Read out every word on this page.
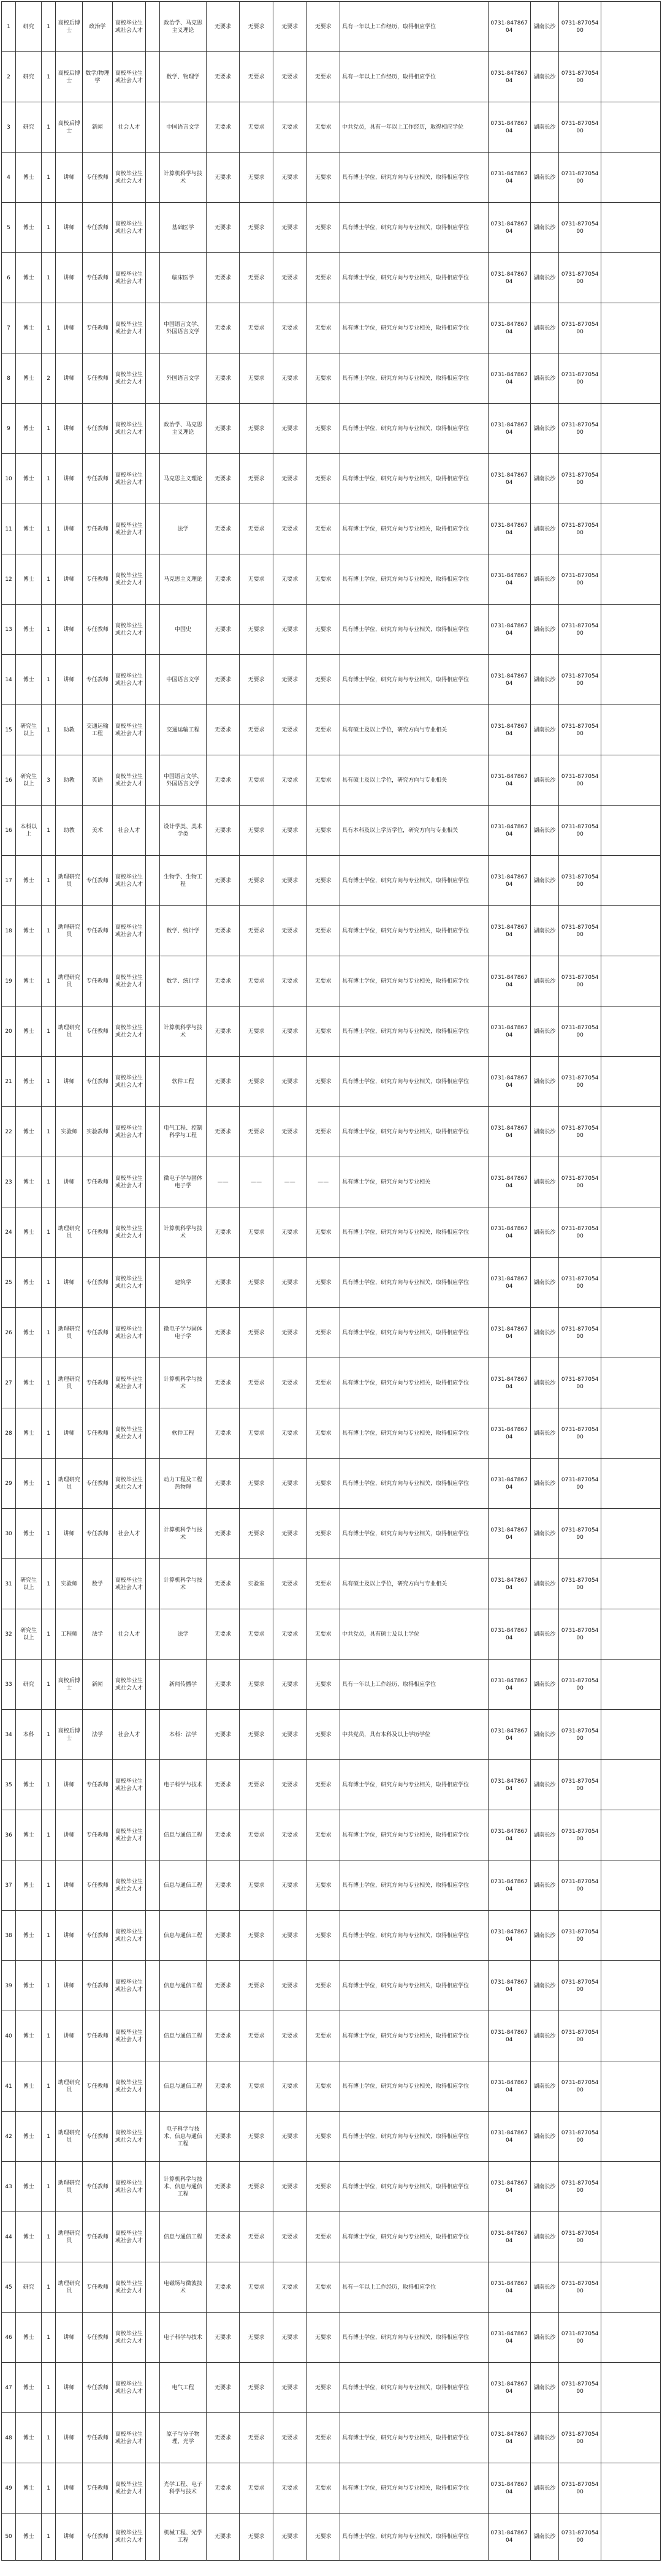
1	研究	1	高校后博士	政治学	高校毕业生或社会人才		政治学、马克思主义理论	无要求	无要求	无要求	无要求	具有一年以上工作经历，取得相应学位	0731-84786704	湖南长沙	0731-87705400	
2	研究	1	高校后博士	数学/物理学	高校毕业生或社会人才		数学、物理学	无要求	无要求	无要求	无要求	具有一年以上工作经历，取得相应学位	0731-84786704	湖南长沙	0731-87705400	
3	研究	1	高校后博士	新闻	社会人才		中国语言文学	无要求	无要求	无要求	无要求	中共党员，具有一年以上工作经历，取得相应学位	0731-84786704	湖南长沙	0731-87705400	
4	博士	1	讲师	专任教师	高校毕业生或社会人才		计算机科学与技术	无要求	无要求	无要求	无要求	具有博士学位，研究方向与专业相关，取得相应学位	0731-84786704	湖南长沙	0731-87705400	
5	博士	1	讲师	专任教师	高校毕业生或社会人才		基础医学	无要求	无要求	无要求	无要求	具有博士学位，研究方向与专业相关，取得相应学位	0731-84786704	湖南长沙	0731-87705400	
6	博士	1	讲师	专任教师	高校毕业生或社会人才		临床医学	无要求	无要求	无要求	无要求	具有博士学位，研究方向与专业相关，取得相应学位	0731-84786704	湖南长沙	0731-87705400	
7	博士	1	讲师	专任教师	高校毕业生或社会人才		中国语言文学、外国语言文学	无要求	无要求	无要求	无要求	具有博士学位，研究方向与专业相关，取得相应学位	0731-84786704	湖南长沙	0731-87705400	
8	博士	2	讲师	专任教师	高校毕业生或社会人才		外国语言文学	无要求	无要求	无要求	无要求	具有博士学位，研究方向与专业相关，取得相应学位	0731-84786704	湖南长沙	0731-87705400	
9	博士	1	讲师	专任教师	高校毕业生或社会人才		政治学、马克思主义理论	无要求	无要求	无要求	无要求	具有博士学位，研究方向与专业相关，取得相应学位	0731-84786704	湖南长沙	0731-87705400	
10	博士	1	讲师	专任教师	高校毕业生或社会人才		马克思主义理论	无要求	无要求	无要求	无要求	具有博士学位，研究方向与专业相关，取得相应学位	0731-84786704	湖南长沙	0731-87705400	
11	博士	1	讲师	专任教师	高校毕业生或社会人才		法学	无要求	无要求	无要求	无要求	具有博士学位，研究方向与专业相关，取得相应学位	0731-84786704	湖南长沙	0731-87705400	
12	博士	1	讲师	专任教师	高校毕业生或社会人才		马克思主义理论	无要求	无要求	无要求	无要求	具有博士学位，研究方向与专业相关，取得相应学位	0731-84786704	湖南长沙	0731-87705400	
13	博士	1	讲师	专任教师	高校毕业生或社会人才		中国史	无要求	无要求	无要求	无要求	具有博士学位，研究方向与专业相关，取得相应学位	0731-84786704	湖南长沙	0731-87705400	
14	博士	1	讲师	专任教师	高校毕业生或社会人才		中国语言文学	无要求	无要求	无要求	无要求	具有博士学位，研究方向与专业相关，取得相应学位	0731-84786704	湖南长沙	0731-87705400	
15	研究生以上	1	助教	交通运输工程	高校毕业生或社会人才		交通运输工程	无要求	无要求	无要求	无要求	具有硕士及以上学位，研究方向与专业相关	0731-84786704	湖南长沙	0731-87705400	
16	研究生以上	3	助教	英语	高校毕业生或社会人才		中国语言文学、外国语言文学	无要求	无要求	无要求	无要求	具有硕士及以上学位，研究方向与专业相关	0731-84786704	湖南长沙	0731-87705400	
16	本科以上	1	助教	美术	社会人才		设计学类、美术学类	无要求	无要求	无要求	无要求	具有本科及以上学历学位，研究方向与专业相关	0731-84786704	湖南长沙	0731-87705400	
17	博士	1	助理研究员	专任教师	高校毕业生或社会人才		生物学、生物工程	无要求	无要求	无要求	无要求	具有博士学位，研究方向与专业相关，取得相应学位	0731-84786704	湖南长沙	0731-87705400	
18	博士	1	助理研究员	专任教师	高校毕业生或社会人才		数学、统计学	无要求	无要求	无要求	无要求	具有博士学位，研究方向与专业相关，取得相应学位	0731-84786704	湖南长沙	0731-87705400	
19	博士	1	助理研究员	专任教师	高校毕业生或社会人才		数学、统计学	无要求	无要求	无要求	无要求	具有博士学位，研究方向与专业相关，取得相应学位	0731-84786704	湖南长沙	0731-87705400	
20	博士	1	助理研究员	专任教师	高校毕业生或社会人才		计算机科学与技术	无要求	无要求	无要求	无要求	具有博士学位，研究方向与专业相关，取得相应学位	0731-84786704	湖南长沙	0731-87705400	
21	博士	1	讲师	专任教师	高校毕业生或社会人才		软件工程	无要求	无要求	无要求	无要求	具有博士学位，研究方向与专业相关，取得相应学位	0731-84786704	湖南长沙	0731-87705400	
22	博士	1	实验师	实验教师	高校毕业生或社会人才		电气工程、控制科学与工程	无要求	无要求	无要求	无要求	具有博士学位，研究方向与专业相关，取得相应学位	0731-84786704	湖南长沙	0731-87705400	
23	博士	1	讲师	专任教师	高校毕业生或社会人才		微电子学与固体电子学	——	——	——	——	具有博士学位，研究方向与专业相关	0731-84786704	湖南长沙	0731-87705400	
24	博士	1	助理研究员	专任教师	高校毕业生或社会人才		计算机科学与技术	无要求	无要求	无要求	无要求	具有博士学位，研究方向与专业相关，取得相应学位	0731-84786704	湖南长沙	0731-87705400	
25	博士	1	讲师	专任教师	高校毕业生或社会人才		建筑学	无要求	无要求	无要求	无要求	具有博士学位，研究方向与专业相关，取得相应学位	0731-84786704	湖南长沙	0731-87705400	
26	博士	1	助理研究员	专任教师	高校毕业生或社会人才		微电子学与固体电子学	无要求	无要求	无要求	无要求	具有博士学位，研究方向与专业相关，取得相应学位	0731-84786704	湖南长沙	0731-87705400	
27	博士	1	助理研究员	专任教师	高校毕业生或社会人才		计算机科学与技术	无要求	无要求	无要求	无要求	具有博士学位，研究方向与专业相关，取得相应学位	0731-84786704	湖南长沙	0731-87705400	
28	博士	1	讲师	专任教师	高校毕业生或社会人才		软件工程	无要求	无要求	无要求	无要求	具有博士学位，研究方向与专业相关，取得相应学位	0731-84786704	湖南长沙	0731-87705400	
29	博士	1	助理研究员	专任教师	高校毕业生或社会人才		动力工程及工程热物理	无要求	无要求	无要求	无要求	具有博士学位，研究方向与专业相关，取得相应学位	0731-84786704	湖南长沙	0731-87705400	
30	博士	1	讲师	专任教师	社会人才		计算机科学与技术	无要求	无要求	无要求	无要求	具有博士学位，研究方向与专业相关，取得相应学位	0731-84786704	湖南长沙	0731-87705400	
31	研究生以上	1	实验师	数学	高校毕业生或社会人才		计算机科学与技术	无要求	实验室	无要求	无要求	具有硕士及以上学位，研究方向与专业相关	0731-84786704	湖南长沙	0731-87705400	
32	研究生以上	1	工程师	法学	社会人才		法学	无要求	无要求	无要求	无要求	中共党员，具有硕士及以上学位	0731-84786704	湖南长沙	0731-87705400	
33	研究	1	高校后博士	新闻	高校毕业生或社会人才		新闻传播学	无要求	无要求	无要求	无要求	具有一年以上工作经历，取得相应学位	0731-84786704	湖南长沙	0731-87705400	
34	本科	1	高校后博士	法学	社会人才		本科：法学	无要求	无要求	无要求	无要求	中共党员，具有本科及以上学历学位	0731-84786704	湖南长沙	0731-87705400	
35	博士	1	讲师	专任教师	高校毕业生或社会人才		电子科学与技术	无要求	无要求	无要求	无要求	具有博士学位，研究方向与专业相关，取得相应学位	0731-84786704	湖南长沙	0731-87705400	
36	博士	1	讲师	专任教师	高校毕业生或社会人才		信息与通信工程	无要求	无要求	无要求	无要求	具有博士学位，研究方向与专业相关，取得相应学位	0731-84786704	湖南长沙	0731-87705400	
37	博士	1	讲师	专任教师	高校毕业生或社会人才		信息与通信工程	无要求	无要求	无要求	无要求	具有博士学位，研究方向与专业相关，取得相应学位	0731-84786704	湖南长沙	0731-87705400	
38	博士	1	讲师	专任教师	高校毕业生或社会人才		信息与通信工程	无要求	无要求	无要求	无要求	具有博士学位，研究方向与专业相关，取得相应学位	0731-84786704	湖南长沙	0731-87705400	
39	博士	1	讲师	专任教师	高校毕业生或社会人才		信息与通信工程	无要求	无要求	无要求	无要求	具有博士学位，研究方向与专业相关，取得相应学位	0731-84786704	湖南长沙	0731-87705400	
40	博士	1	讲师	专任教师	高校毕业生或社会人才		信息与通信工程	无要求	无要求	无要求	无要求	具有博士学位，研究方向与专业相关，取得相应学位	0731-84786704	湖南长沙	0731-87705400	
41	博士	1	助理研究员	专任教师	高校毕业生或社会人才		信息与通信工程	无要求	无要求	无要求	无要求	具有博士学位，研究方向与专业相关，取得相应学位	0731-84786704	湖南长沙	0731-87705400	
42	博士	1	助理研究员	专任教师	高校毕业生或社会人才		电子科学与技术、信息与通信工程	无要求	无要求	无要求	无要求	具有博士学位，研究方向与专业相关，取得相应学位	0731-84786704	湖南长沙	0731-87705400	
43	博士	1	助理研究员	专任教师	高校毕业生或社会人才		计算机科学与技术、信息与通信工程	无要求	无要求	无要求	无要求	具有博士学位，研究方向与专业相关，取得相应学位	0731-84786704	湖南长沙	0731-87705400	
44	博士	1	助理研究员	专任教师	高校毕业生或社会人才		信息与通信工程	无要求	无要求	无要求	无要求	具有博士学位，研究方向与专业相关，取得相应学位	0731-84786704	湖南长沙	0731-87705400	
45	研究	1	助理研究员	专任教师	高校毕业生或社会人才		电磁场与微波技术	无要求	无要求	无要求	无要求	具有一年以上工作经历，取得相应学位	0731-84786704	湖南长沙	0731-87705400	
46	博士	1	讲师	专任教师	高校毕业生或社会人才		电子科学与技术	无要求	无要求	无要求	无要求	具有博士学位，研究方向与专业相关，取得相应学位	0731-84786704	湖南长沙	0731-87705400	
47	博士	1	讲师	专任教师	高校毕业生或社会人才		电气工程	无要求	无要求	无要求	无要求	具有博士学位，研究方向与专业相关，取得相应学位	0731-84786704	湖南长沙	0731-87705400	
48	博士	1	讲师	专任教师	高校毕业生或社会人才		原子与分子物理、光学	无要求	无要求	无要求	无要求	具有博士学位，研究方向与专业相关，取得相应学位	0731-84786704	湖南长沙	0731-87705400	
49	博士	1	讲师	专任教师	高校毕业生或社会人才		光学工程、电子科学与技术	无要求	无要求	无要求	无要求	具有博士学位，研究方向与专业相关，取得相应学位	0731-84786704	湖南长沙	0731-87705400	
50	博士	1	讲师	专任教师	高校毕业生或社会人才		机械工程、光学工程	无要求	无要求	无要求	无要求	具有博士学位，研究方向与专业相关，取得相应学位	0731-84786704	湖南长沙	0731-87705400	
